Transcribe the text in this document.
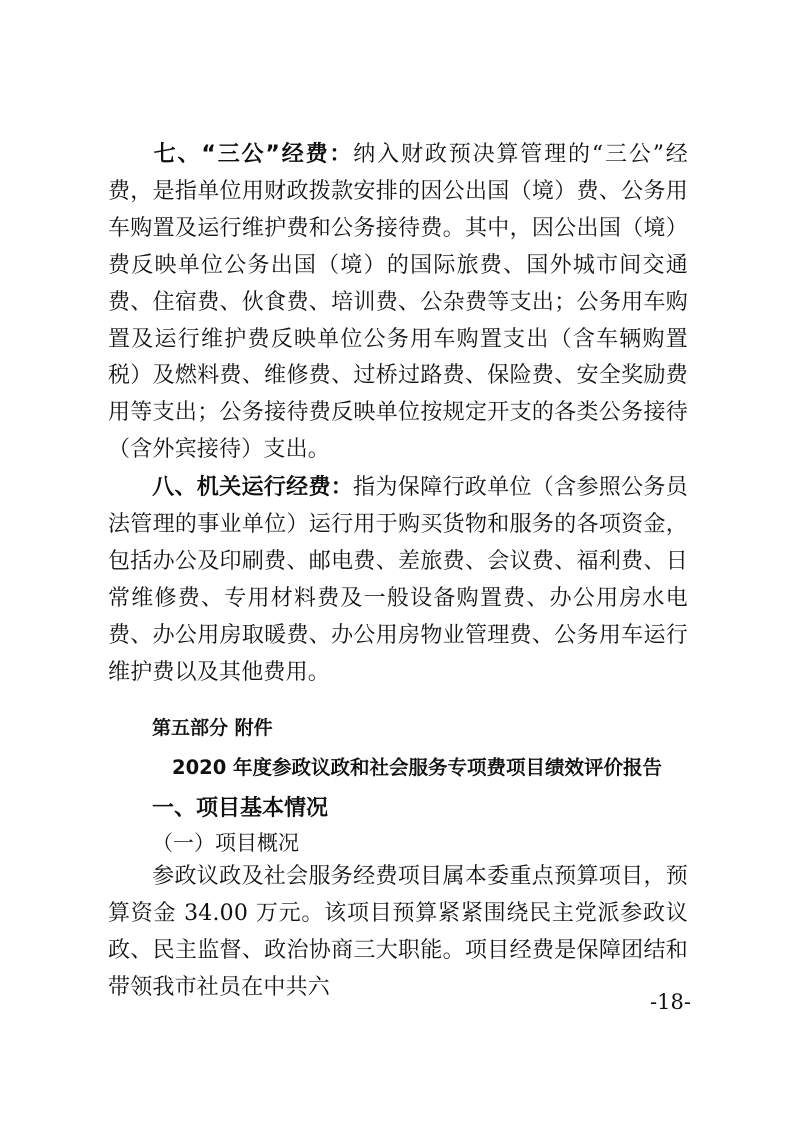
七、“三公”经费：纳入财政预决算管理的“三公”经费，是指单位用财政拨款安排的因公出国（境）费、公务用车购置及运行维护费和公务接待费。其中，因公出国（境）费反映单位公务出国（境）的国际旅费、国外城市间交通费、住宿费、伙食费、培训费、公杂费等支出；公务用车购置及运行维护费反映单位公务用车购置支出（含车辆购置税）及燃料费、维修费、过桥过路费、保险费、安全奖励费用等支出；公务接待费反映单位按规定开支的各类公务接待（含外宾接待）支出。

八、机关运行经费：指为保障行政单位（含参照公务员法管理的事业单位）运行用于购买货物和服务的各项资金，包括办公及印刷费、邮电费、差旅费、会议费、福利费、日常维修费、专用材料费及一般设备购置费、办公用房水电费、办公用房取暖费、办公用房物业管理费、公务用车运行维护费以及其他费用。

第五部分 附件
2020 年度参政议政和社会服务专项费项目绩效评价报告
一、项目基本情况
（一）项目概况

参政议政及社会服务经费项目属本委重点预算项目，预算资金 34.00 万元。该项目预算紧紧围绕民主党派参政议政、民主监督、政治协商三大职能。项目经费是保障团结和带领我市社员在中共六

-18-
